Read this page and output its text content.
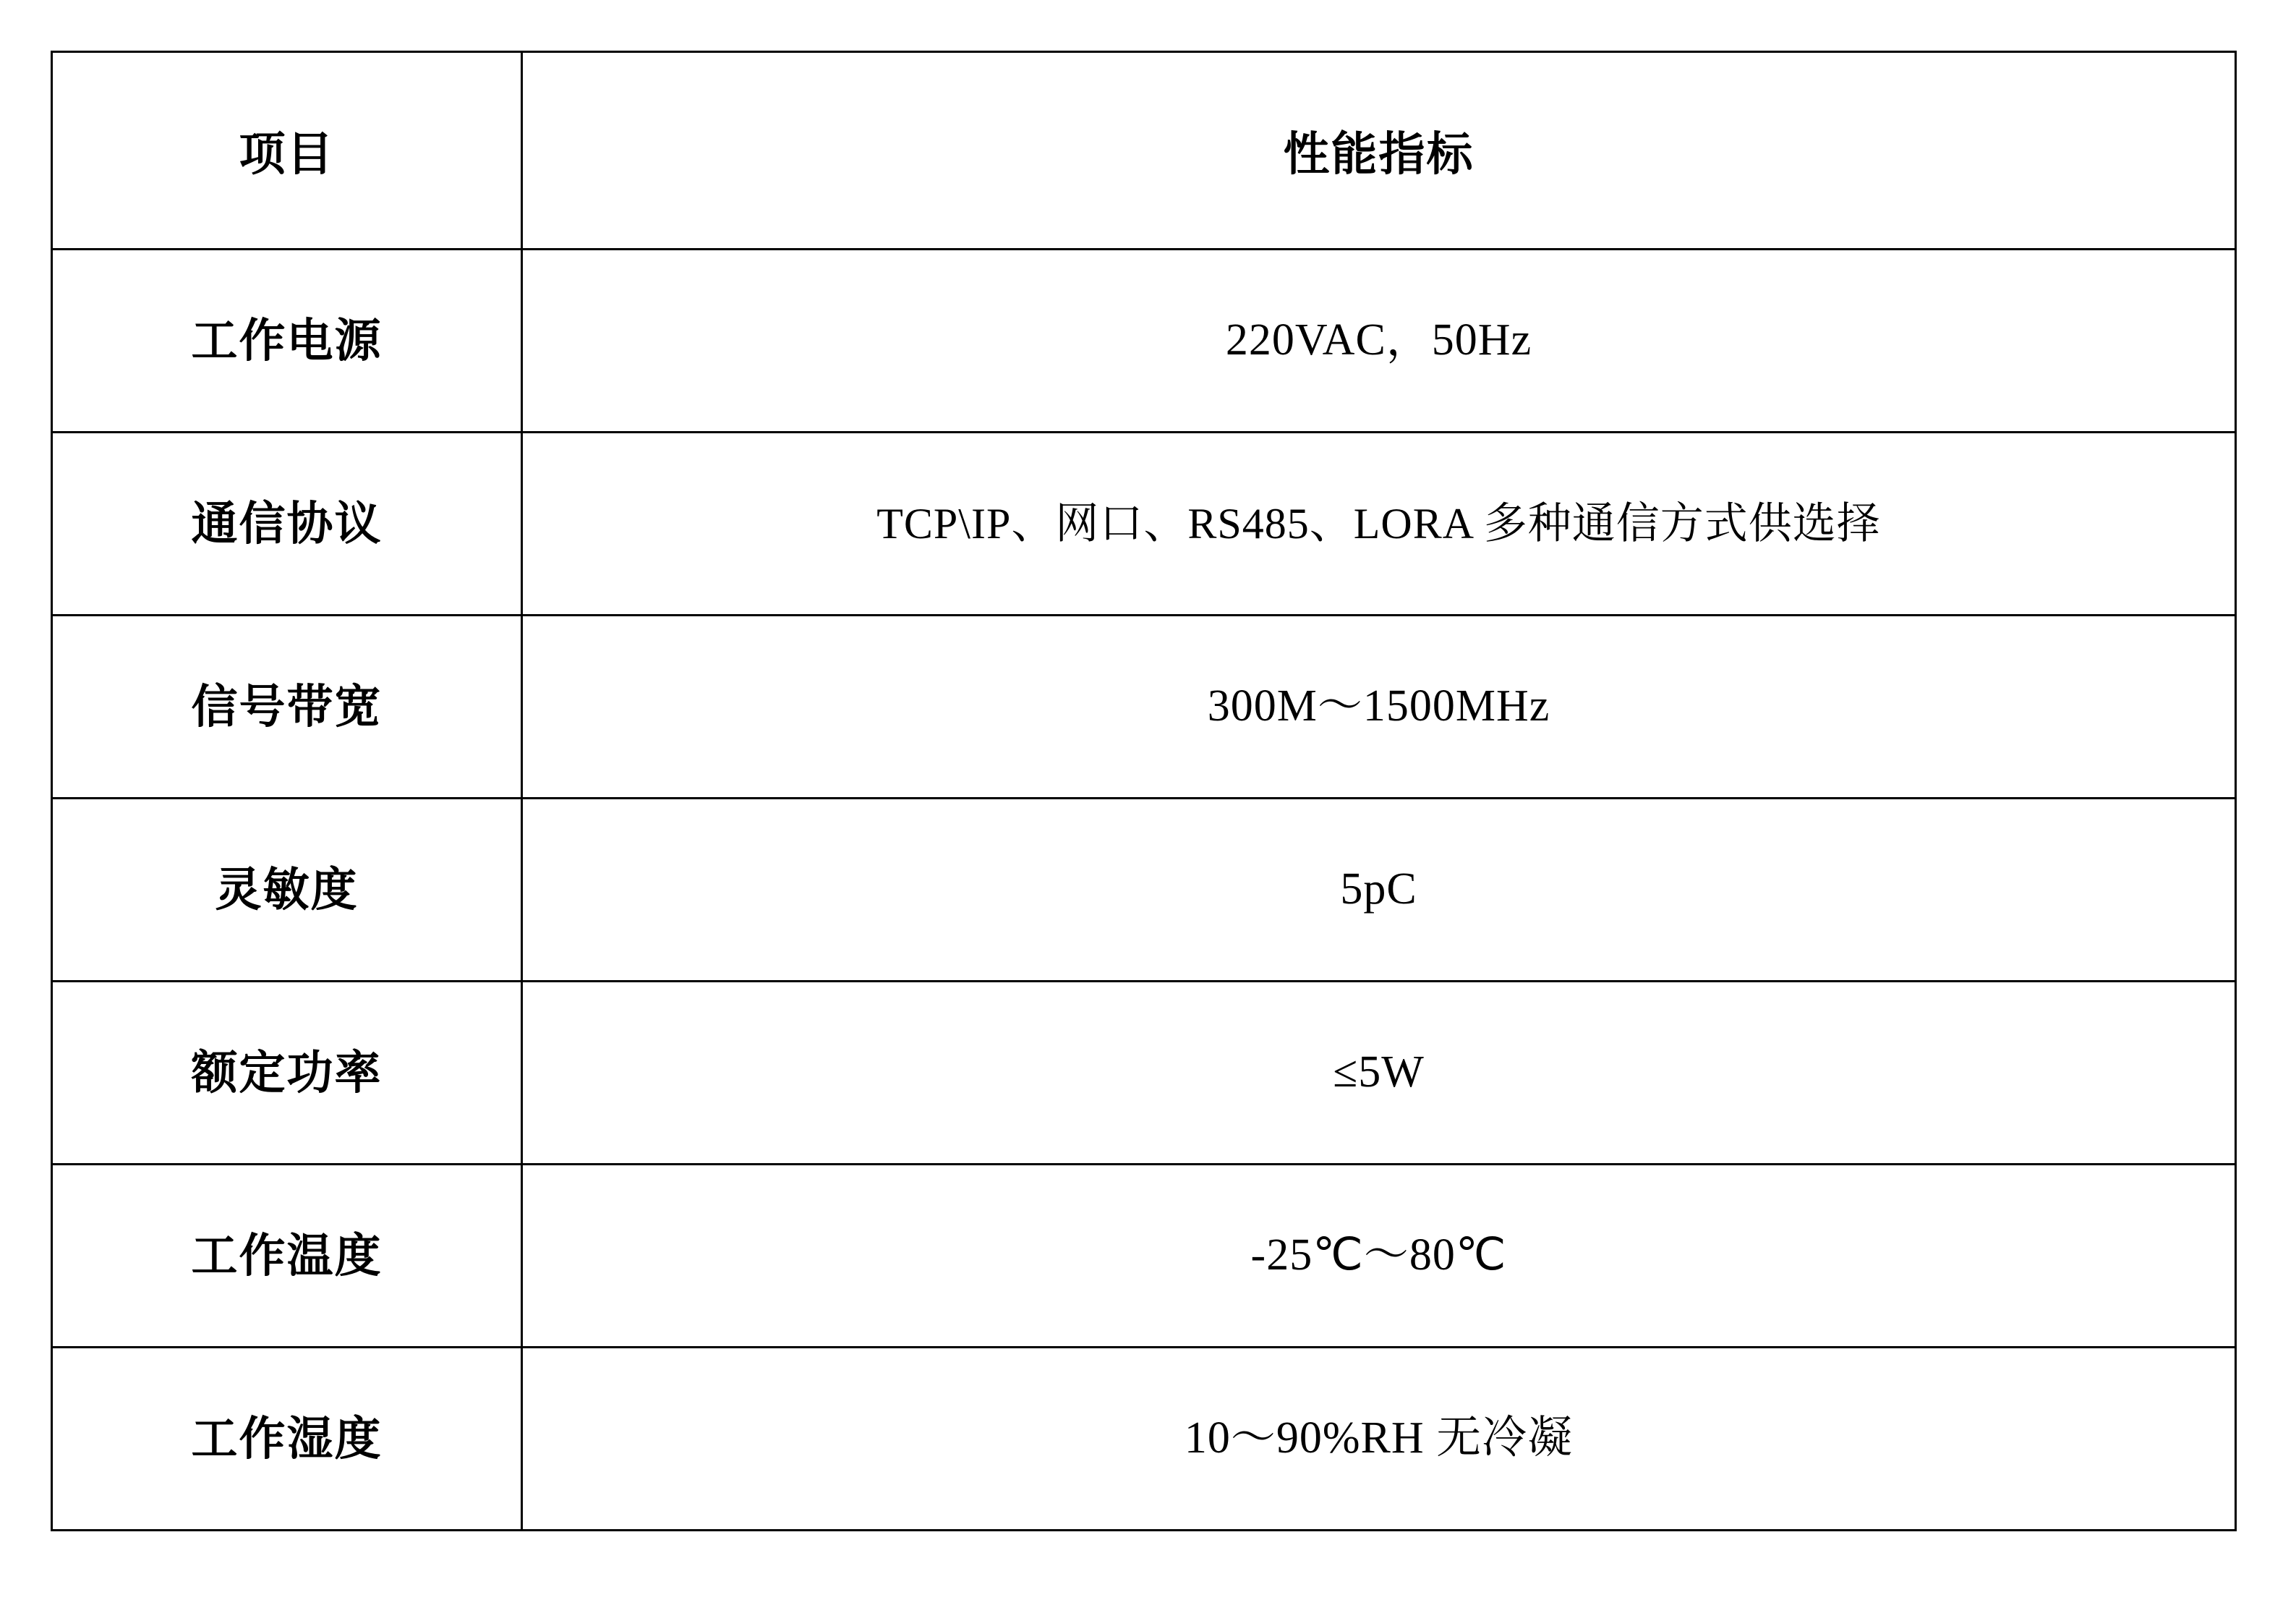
项目	性能指标
工作电源	220VAC，50Hz
通信协议	TCP\IP、网口、RS485、LORA 多种通信方式供选择
信号带宽	300M～1500MHz
灵敏度	5pC
额定功率	≤5W
工作温度	-25℃～80℃
工作湿度	10～90%RH 无冷凝
